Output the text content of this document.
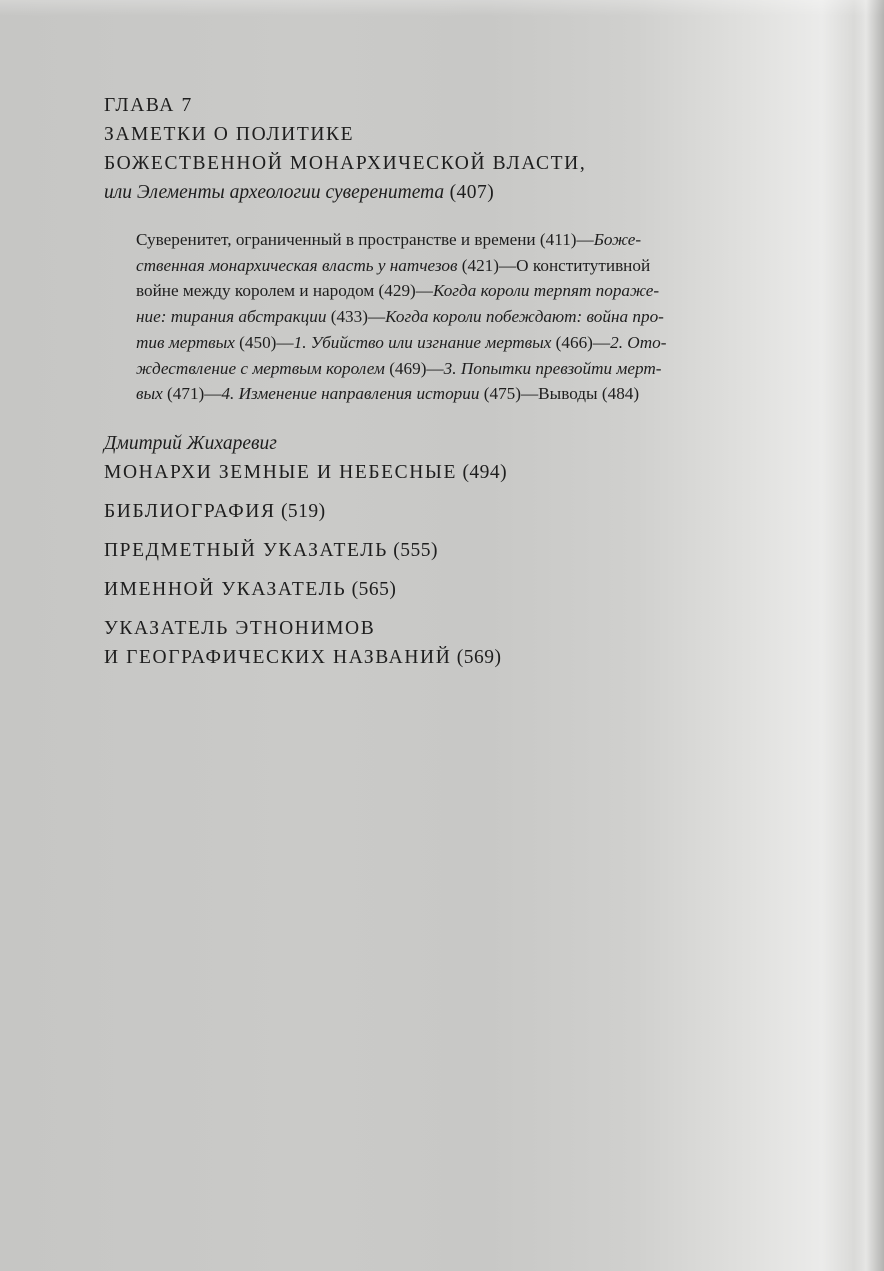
ГЛАВА 7

ЗАМЕТКИ О ПОЛИТИКЕ

БОЖЕСТВЕННОЙ МОНАРХИЧЕСКОЙ ВЛАСТИ,

или Элементы археологии суверенитета (407)

Суверенитет, ограниченный в пространстве и времени (411)—Боже-
ственная монархическая власть у натчезов (421)—О конститутивной
войне между королем и народом (429)—Когда короли терпят пораже-
ние: тирания абстракции (433)—Когда короли побеждают: война про-
тив мертвых (450)—1. Убийство или изгнание мертвых (466)—2. Ото-
ждествление с мертвым королем (469)—3. Попытки превзойти мерт-
вых (471)—4. Изменение направления истории (475)—Выводы (484)

Дмитрий Жихаревиг

МОНАРХИ ЗЕМНЫЕ И НЕБЕСНЫЕ (494)

БИБЛИОГРАФИЯ (519)

ПРЕДМЕТНЫЙ УКАЗАТЕЛЬ (555)

ИМЕННОЙ УКАЗАТЕЛЬ (565)

УКАЗАТЕЛЬ ЭТНОНИМОВ

И ГЕОГРАФИЧЕСКИХ НАЗВАНИЙ (569)
